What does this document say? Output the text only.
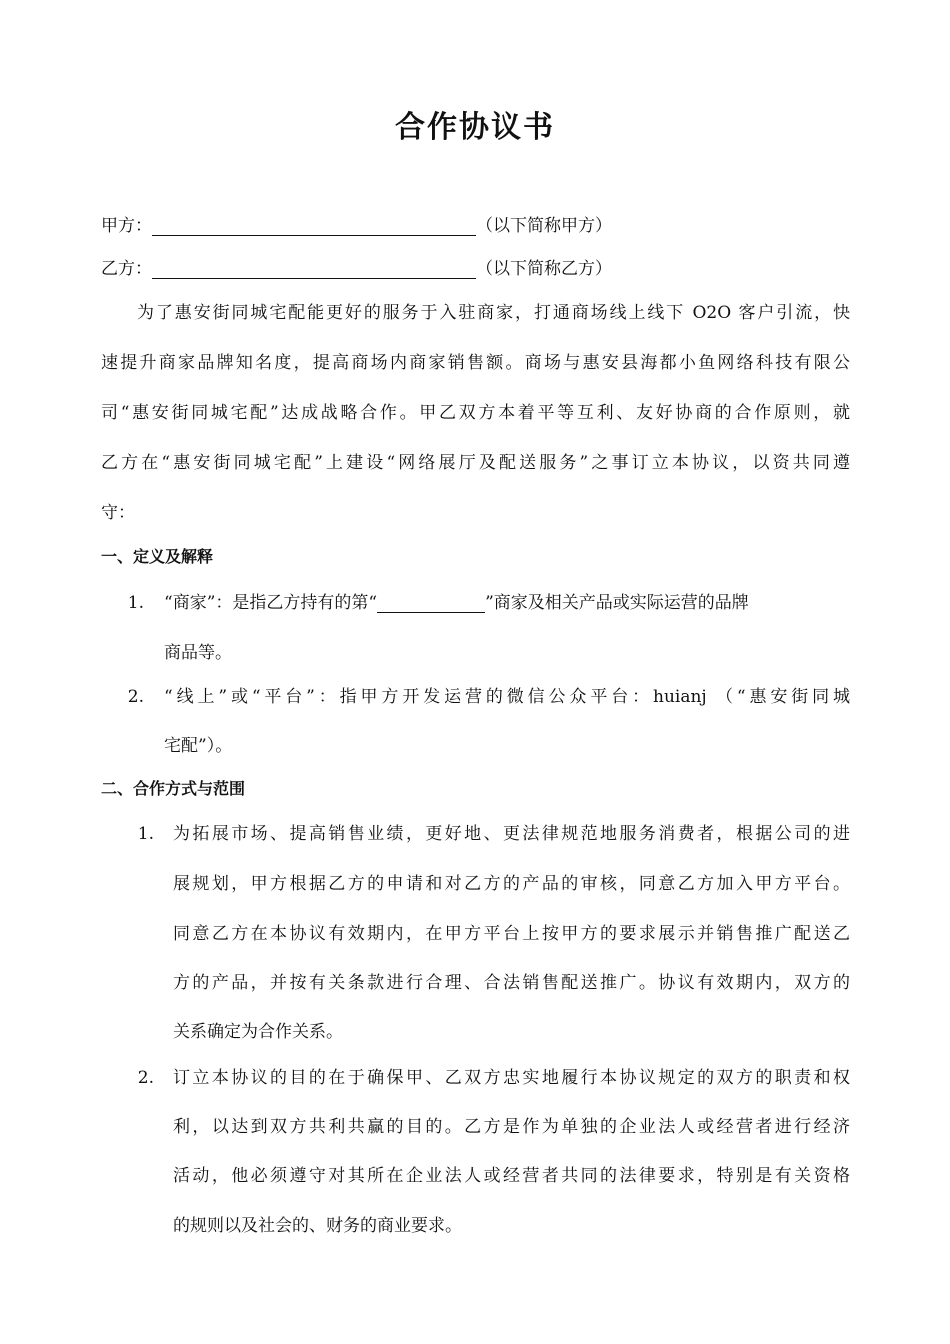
合作协议书
甲方：	（以下简称甲方）
乙方：	（以下简称乙方）
为了惠安街同城宅配能更好的服务于入驻商家，打通商场线上线下 O2O 客户引流，快
速提升商家品牌知名度，提高商场内商家销售额。商场与惠安县海都小鱼网络科技有限公
司“惠安街同城宅配”达成战略合作。甲乙双方本着平等互利、友好协商的合作原则，就
乙方在“惠安街同城宅配”上建设“网络展厅及配送服务”之事订立本协议，以资共同遵
守：
一、定义及解释
1. “商家”：是指乙方持有的第“	”商家及相关产品或实际运营的品牌
商品等。
2. “线上”或“平台”：指甲方开发运营的微信公众平台：huianj （“惠安街同城
宅配”）。
二、合作方式与范围
1. 为拓展市场、提高销售业绩，更好地、更法律规范地服务消费者，根据公司的进
展规划，甲方根据乙方的申请和对乙方的产品的审核，同意乙方加入甲方平台。
同意乙方在本协议有效期内，在甲方平台上按甲方的要求展示并销售推广配送乙
方的产品，并按有关条款进行合理、合法销售配送推广。协议有效期内，双方的
关系确定为合作关系。
2. 订立本协议的目的在于确保甲、乙双方忠实地履行本协议规定的双方的职责和权
利，以达到双方共利共赢的目的。乙方是作为单独的企业法人或经营者进行经济
活动，他必须遵守对其所在企业法人或经营者共同的法律要求，特别是有关资格
的规则以及社会的、财务的商业要求。
